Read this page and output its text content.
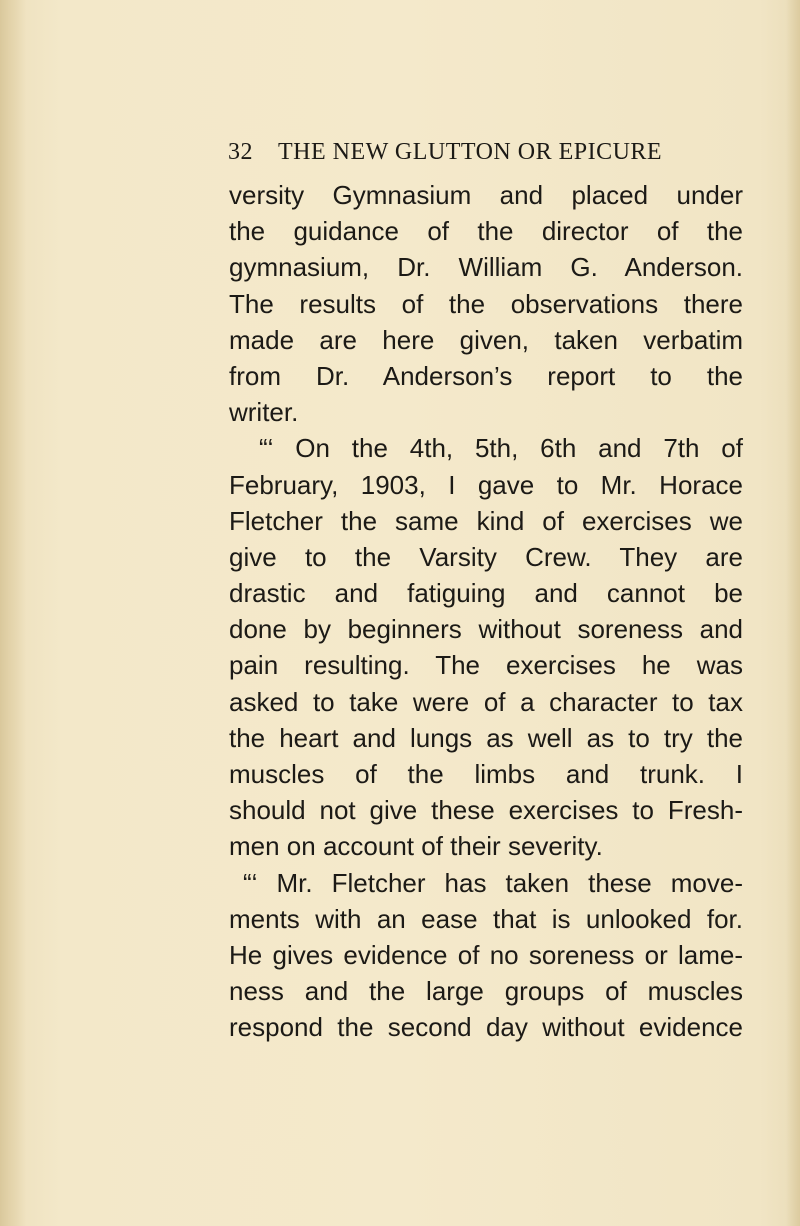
32 THE NEW GLUTTON OR EPICURE
versity Gymnasium and placed under
the guidance of the director of the
gymnasium, Dr. William G. Anderson.
The results of the observations there
made are here given, taken verbatim
from Dr. Anderson’s report to the
writer.
“‘ On the 4th, 5th, 6th and 7th of
February, 1903, I gave to Mr. Horace
Fletcher the same kind of exercises we
give to the Varsity Crew. They are
drastic and fatiguing and cannot be
done by beginners without soreness and
pain resulting. The exercises he was
asked to take were of a character to tax
the heart and lungs as well as to try the
muscles of the limbs and trunk. I
should not give these exercises to Fresh-
men on account of their severity.
“‘ Mr. Fletcher has taken these move-
ments with an ease that is unlooked for.
He gives evidence of no soreness or lame-
ness and the large groups of muscles
respond the second day without evidence
